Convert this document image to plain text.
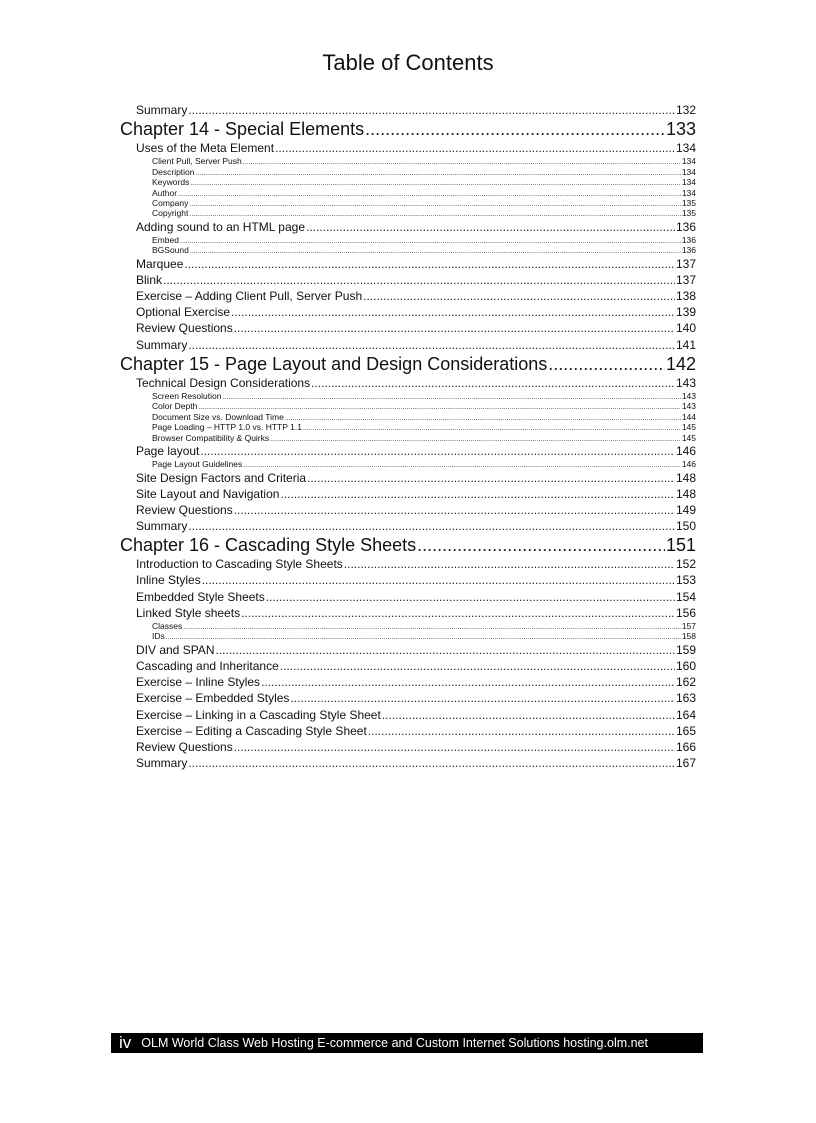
Table of Contents
Summary .....	132
Chapter 14 - Special Elements .....	133
Uses of the Meta Element .....	134
Client Pull, Server Push .....	134
Description .....	134
Keywords .....	134
Author .....	134
Company .....	135
Copyright .....	135
Adding sound to an HTML page .....	136
Embed .....	136
BGSound .....	136
Marquee .....	137
Blink .....	137
Exercise – Adding Client Pull, Server Push .....	138
Optional Exercise .....	139
Review Questions .....	140
Summary .....	141
Chapter 15 - Page Layout and Design Considerations .....	142
Technical Design Considerations .....	143
Screen Resolution .....	143
Color Depth .....	143
Document Size vs. Download Time .....	144
Page Loading – HTTP 1.0 vs. HTTP 1.1 .....	145
Browser Compatibility & Quirks .....	145
Page layout .....	146
Page Layout Guidelines .....	146
Site Design Factors and Criteria .....	148
Site Layout and Navigation .....	148
Review Questions .....	149
Summary .....	150
Chapter 16 - Cascading Style Sheets .....	151
Introduction to Cascading Style Sheets .....	152
Inline Styles .....	153
Embedded Style Sheets .....	154
Linked Style sheets .....	156
Classes .....	157
IDs .....	158
DIV and SPAN .....	159
Cascading and Inheritance .....	160
Exercise – Inline Styles .....	162
Exercise – Embedded Styles .....	163
Exercise – Linking in a Cascading Style Sheet .....	164
Exercise – Editing a Cascading Style Sheet .....	165
Review Questions .....	166
Summary .....	167
iv OLM World Class Web Hosting E-commerce and Custom Internet Solutions hosting.olm.net
